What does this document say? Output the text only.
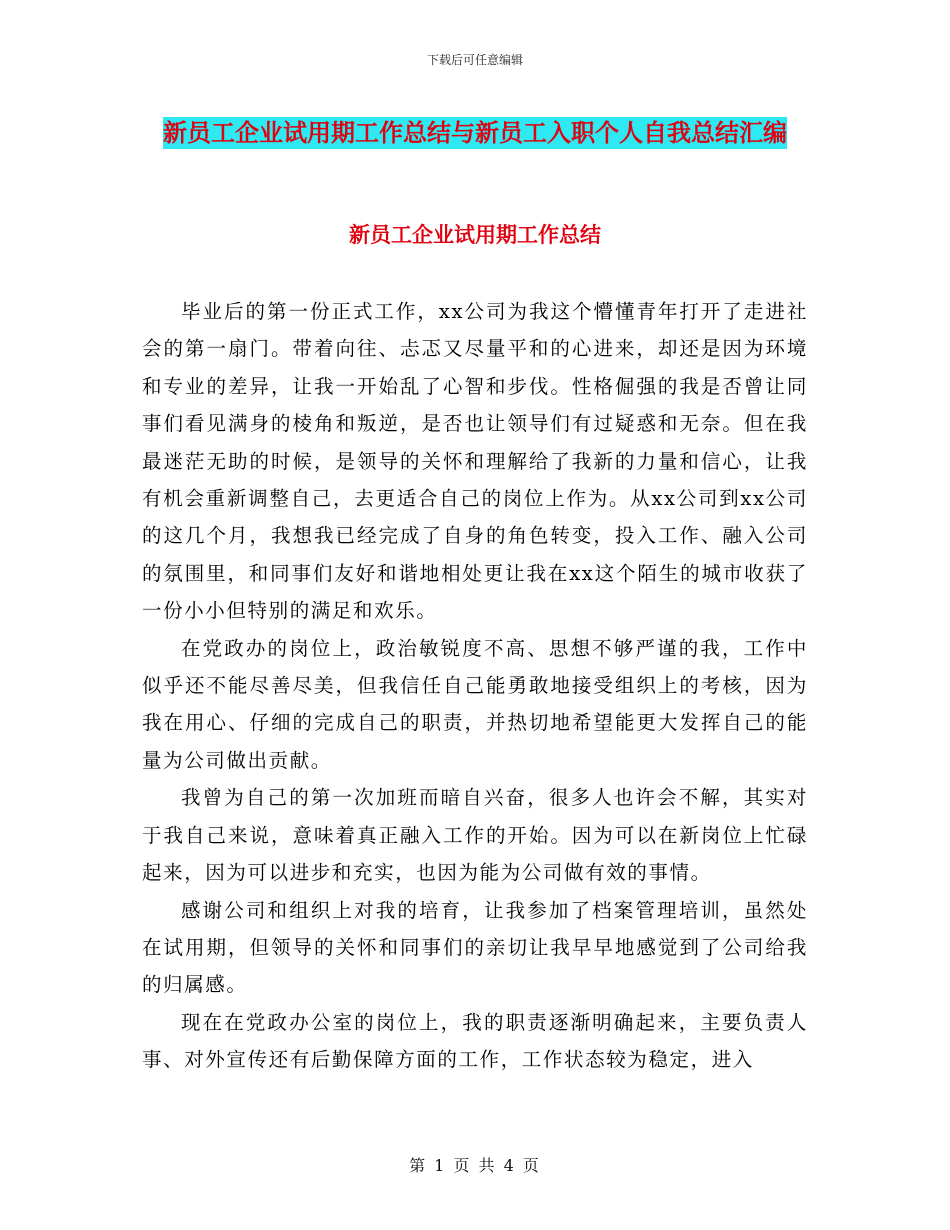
下载后可任意编辑
新员工企业试用期工作总结与新员工入职个人自我总结汇编
新员工企业试用期工作总结

毕业后的第一份正式工作，xx公司为我这个懵懂青年打开了走进社会的第一扇门。带着向往、忐忑又尽量平和的心进来，却还是因为环境和专业的差异，让我一开始乱了心智和步伐。性格倔强的我是否曾让同事们看见满身的棱角和叛逆，是否也让领导们有过疑惑和无奈。但在我最迷茫无助的时候，是领导的关怀和理解给了我新的力量和信心，让我有机会重新调整自己，去更适合自己的岗位上作为。从xx公司到xx公司的这几个月，我想我已经完成了自身的角色转变，投入工作、融入公司的氛围里，和同事们友好和谐地相处更让我在xx这个陌生的城市收获了一份小小但特别的满足和欢乐。

在党政办的岗位上，政治敏锐度不高、思想不够严谨的我，工作中似乎还不能尽善尽美，但我信任自己能勇敢地接受组织上的考核，因为我在用心、仔细的完成自己的职责，并热切地希望能更大发挥自己的能量为公司做出贡献。

我曾为自己的第一次加班而暗自兴奋，很多人也许会不解，其实对于我自己来说，意味着真正融入工作的开始。因为可以在新岗位上忙碌起来，因为可以进步和充实，也因为能为公司做有效的事情。

感谢公司和组织上对我的培育，让我参加了档案管理培训，虽然处在试用期，但领导的关怀和同事们的亲切让我早早地感觉到了公司给我的归属感。

现在在党政办公室的岗位上，我的职责逐渐明确起来，主要负责人事、对外宣传还有后勤保障方面的工作，工作状态较为稳定，进入

第 1 页 共 4 页
